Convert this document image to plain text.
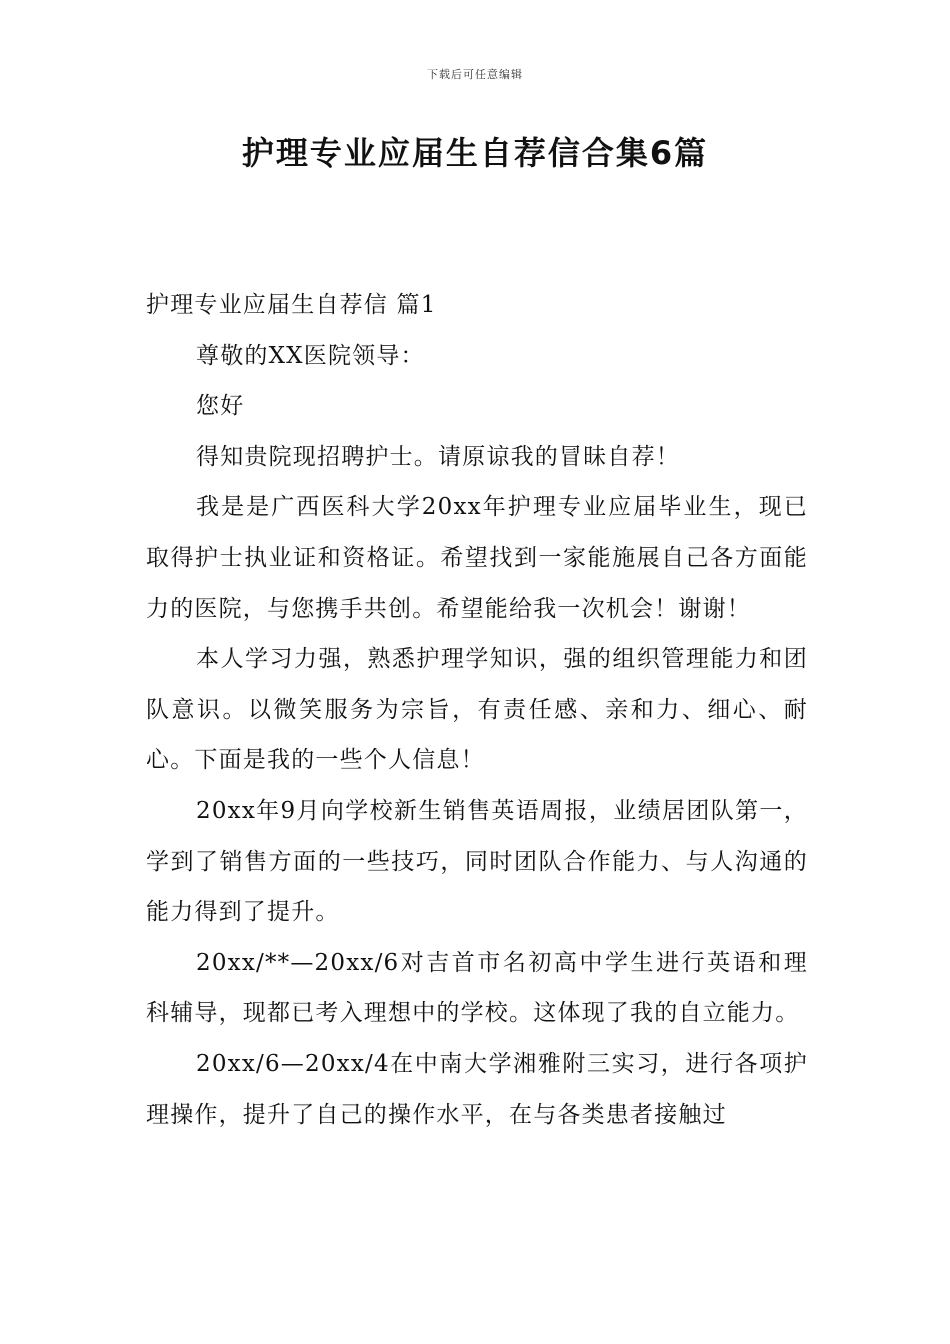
下载后可任意编辑
护理专业应届生自荐信合集6篇

护理专业应届生自荐信 篇1

尊敬的XX医院领导：

您好

得知贵院现招聘护士。请原谅我的冒昧自荐！

我是是广西医科大学20xx年护理专业应届毕业生，现已取得护士执业证和资格证。希望找到一家能施展自己各方面能力的医院，与您携手共创。希望能给我一次机会！谢谢！

本人学习力强，熟悉护理学知识，强的组织管理能力和团队意识。以微笑服务为宗旨，有责任感、亲和力、细心、耐心。下面是我的一些个人信息！

20xx年9月向学校新生销售英语周报，业绩居团队第一，学到了销售方面的一些技巧，同时团队合作能力、与人沟通的能力得到了提升。

20xx/**—20xx/6对吉首市名初高中学生进行英语和理科辅导，现都已考入理想中的学校。这体现了我的自立能力。

20xx/6—20xx/4在中南大学湘雅附三实习，进行各项护理操作，提升了自己的操作水平，在与各类患者接触过
